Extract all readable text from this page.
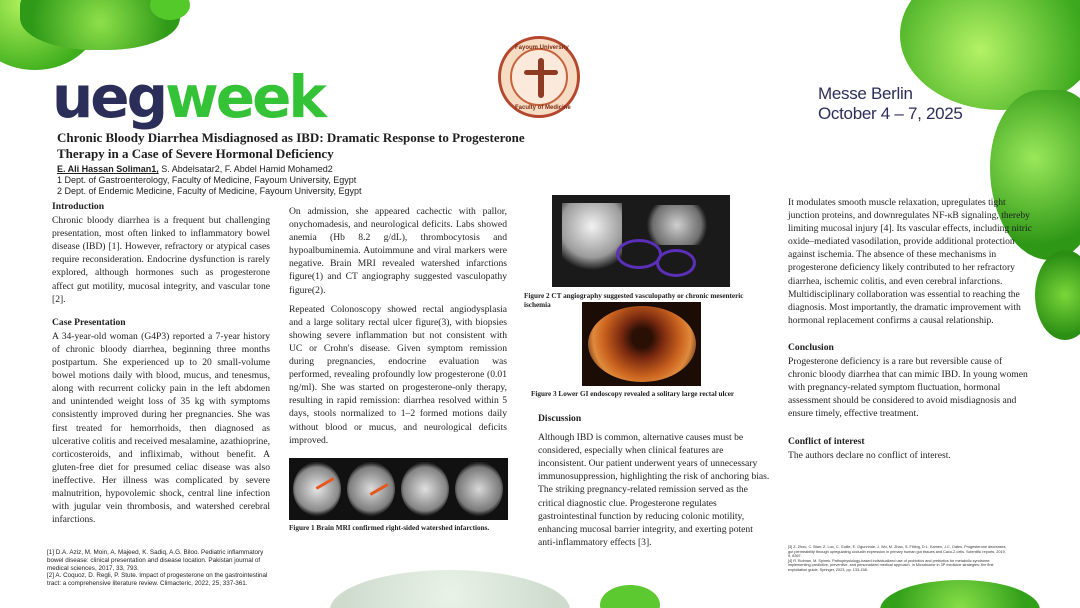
uegweek
Fayoum University
Faculty of Medicine
Messe Berlin
October 4 – 7, 2025
Chronic Bloody Diarrhea Misdiagnosed as IBD: Dramatic Response to Progesterone Therapy in a Case of Severe Hormonal Deficiency
E. Ali Hassan Soliman1, S. Abdelsatar2, F. Abdel Hamid Mohamed2
1 Dept. of Gastroenterology, Faculty of Medicine, Fayoum University, Egypt
2 Dept. of Endemic Medicine, Faculty of Medicine, Fayoum University, Egypt
Introduction

Chronic bloody diarrhea is a frequent but challenging presentation, most often linked to inflammatory bowel disease (IBD) [1]. However, refractory or atypical cases require reconsideration. Endocrine dysfunction is rarely explored, although hormones such as progesterone affect gut motility, mucosal integrity, and vascular tone [2].

Case Presentation

A 34-year-old woman (G4P3) reported a 7-year history of chronic bloody diarrhea, beginning three months postpartum. She experienced up to 20 small-volume bowel motions daily with blood, mucus, and tenesmus, along with recurrent colicky pain in the left abdomen and unintended weight loss of 35 kg with symptoms consistently improved during her pregnancies. She was first treated for hemorrhoids, then diagnosed as ulcerative colitis and received mesalamine, azathioprine, corticosteroids, and infliximab, without benefit. A gluten-free diet for presumed celiac disease was also ineffective. Her illness was complicated by severe malnutrition, hypovolemic shock, central line infection with jugular vein thrombosis, and watershed cerebral infarctions.

On admission, she appeared cachectic with pallor, onychomadesis, and neurological deficits. Labs showed anemia (Hb 8.2 g/dL), thrombocytosis and hypoalbuminemia. Autoimmune and viral markers were negative. Brain MRI revealed watershed infarctions figure(1) and CT angiography suggested vasculopathy figure(2).

Repeated Colonoscopy showed rectal angiodysplasia and a large solitary rectal ulcer figure(3), with biopsies showing severe inflammation but not consistent with UC or Crohn's disease. Given symptom remission during pregnancies, endocrine evaluation was performed, revealing profoundly low progesterone (0.01 ng/ml). She was started on progesterone-only therapy, resulting in rapid remission: diarrhea resolved within 5 days, stools normalized to 1–2 formed motions daily without blood or mucus, and neurological deficits improved.

Figure 1 Brain MRI confirmed right-sided watershed infarctions.
Figure 2 CT angiography suggested vasculopathy or chronic mesenteric ischemia
Figure 3 Lower GI endoscopy revealed a solitary large rectal ulcer
Discussion

Although IBD is common, alternative causes must be considered, especially when clinical features are inconsistent. Our patient underwent years of unnecessary immunosuppression, highlighting the risk of anchoring bias. The striking pregnancy-related remission served as the critical diagnostic clue. Progesterone regulates gastrointestinal function by reducing colonic motility, enhancing mucosal barrier integrity, and exerting potent anti-inflammatory effects [3].

It modulates smooth muscle relaxation, upregulates tight junction proteins, and downregulates NF-κB signaling, thereby limiting mucosal injury [4]. Its vascular effects, including nitric oxide–mediated vasodilation, provide additional protection against ischemia. The absence of these mechanisms in progesterone deficiency likely contributed to her refractory diarrhea, ischemic colitis, and even cerebral infarctions.

Multidisciplinary collaboration was essential to reaching the diagnosis. Most importantly, the dramatic improvement with hormonal replacement confirms a causal relationship.

Conclusion

Progesterone deficiency is a rare but reversible cause of chronic bloody diarrhea that can mimic IBD. In young women with pregnancy-related symptom fluctuation, hormonal assessment should be considered to avoid misdiagnosis and ensure timely, effective treatment.

Conflict of interest

The authors declare no conflict of interest.

[1] D.A. Aziz, M. Moin, A. Majeed, K. Sadiq, A.G. Biloo. Pediatric inflammatory bowel disease: clinical presentation and disease location. Pakistan journal of medical sciences, 2017, 33, 793.
[2] A. Coquoz, D. Regli, P. Stute. Impact of progesterone on the gastrointestinal tract: a comprehensive literature review. Climacteric, 2022, 25, 337-361.
[3] Z. Zhou, C. Bian, Z. Luo, C. Guille, E. Ogunrinde, J. Wu, M. Zhao, S. Fitting, D.L. Kamen, J.C. Oates. Progesterone decreases gut permeability through upregulating occludin expression in primary human gut tissues and Caco-2 cells. Scientific reports, 2019, 9, 8367.
[4] R. Bulman, M. Spinek. Pathophysiology-based individualized use of probiotics and prebiotics for metabolic syndrome: implementing predictive, preventive, and personalized medical approach. In Microbiome in 3P medicine strategies: the first exploitation guide, Springer, 2023, pp. 133-158.
